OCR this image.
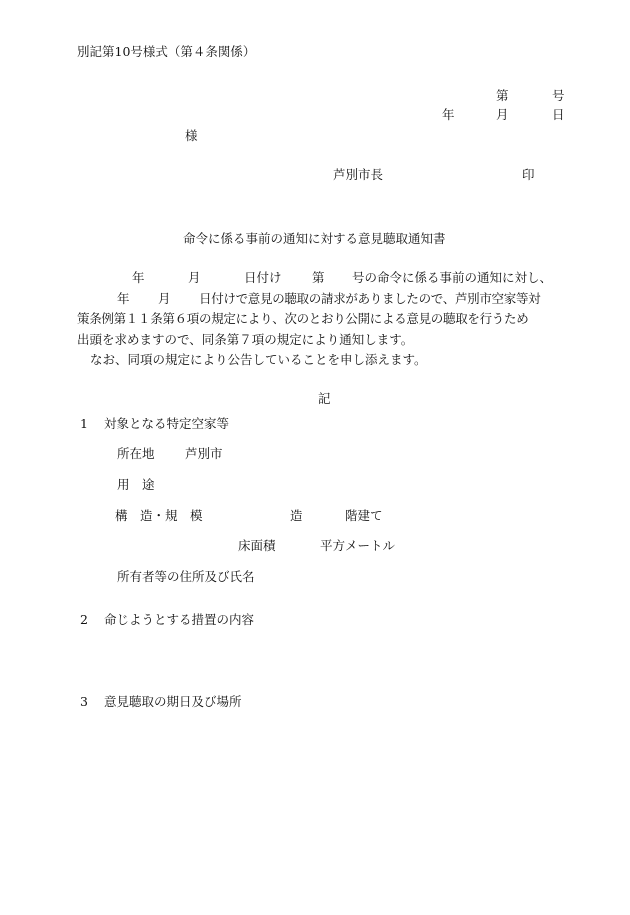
別記第10号様式（第４条関係）
第	号
年	月	日
様
芦別市長	印
命令に係る事前の通知に対する意見聴取通知書
年	月	日付け 第 号の命令に係る事前の通知に対し、
年 月 日付けで意見の聴取の請求がありましたので、芦別市空家等対
策条例第１１条第６項の規定により、次のとおり公開による意見の聴取を行うため
出頭を求めますので、同条第７項の規定により通知します。
なお、同項の規定により公告していることを申し添えます。
記
1 対象となる特定空家等
所在地 芦別市
用　途
構　造・規　模	造	階建て
床面積	平方メートル
所有者等の住所及び氏名
2 命じようとする措置の内容
3 意見聴取の期日及び場所
